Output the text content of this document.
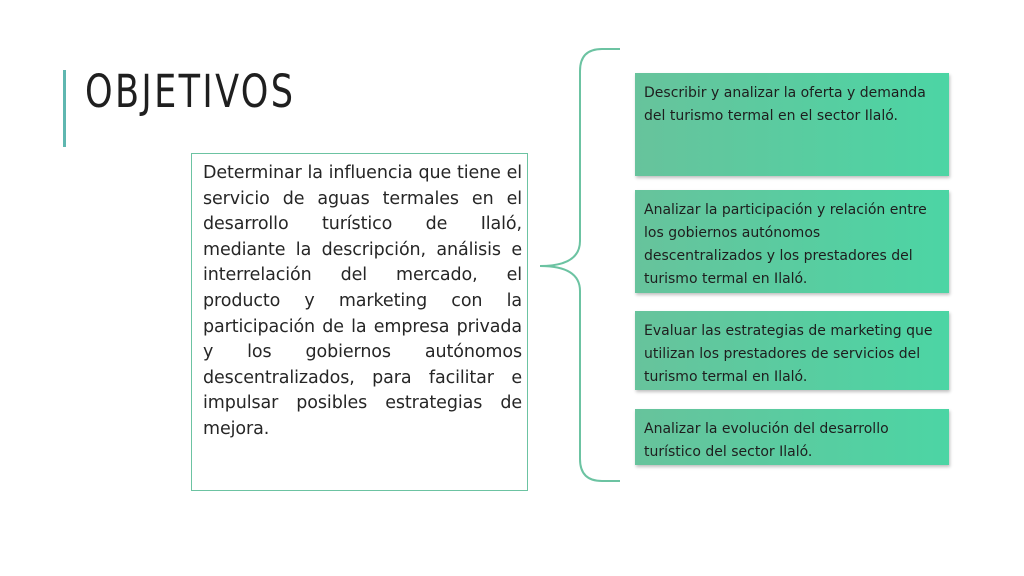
OBJETIVOS

Determinar la influencia que tiene el servicio de aguas termales en el desarrollo turístico de Ilaló, mediante la descripción, análisis e interrelación del mercado, el producto y marketing con la participación de la empresa privada y los gobiernos autónomos descentralizados, para facilitar e impulsar posibles estrategias de mejora.

Describir y analizar la oferta y demanda del turismo termal en el sector Ilaló.

Analizar la participación y relación entre los gobiernos autónomos descentralizados y los prestadores del turismo termal en Ilaló.

Evaluar las estrategias de marketing que utilizan los prestadores de servicios del turismo termal en Ilaló.

Analizar la evolución del desarrollo turístico del sector Ilaló.
